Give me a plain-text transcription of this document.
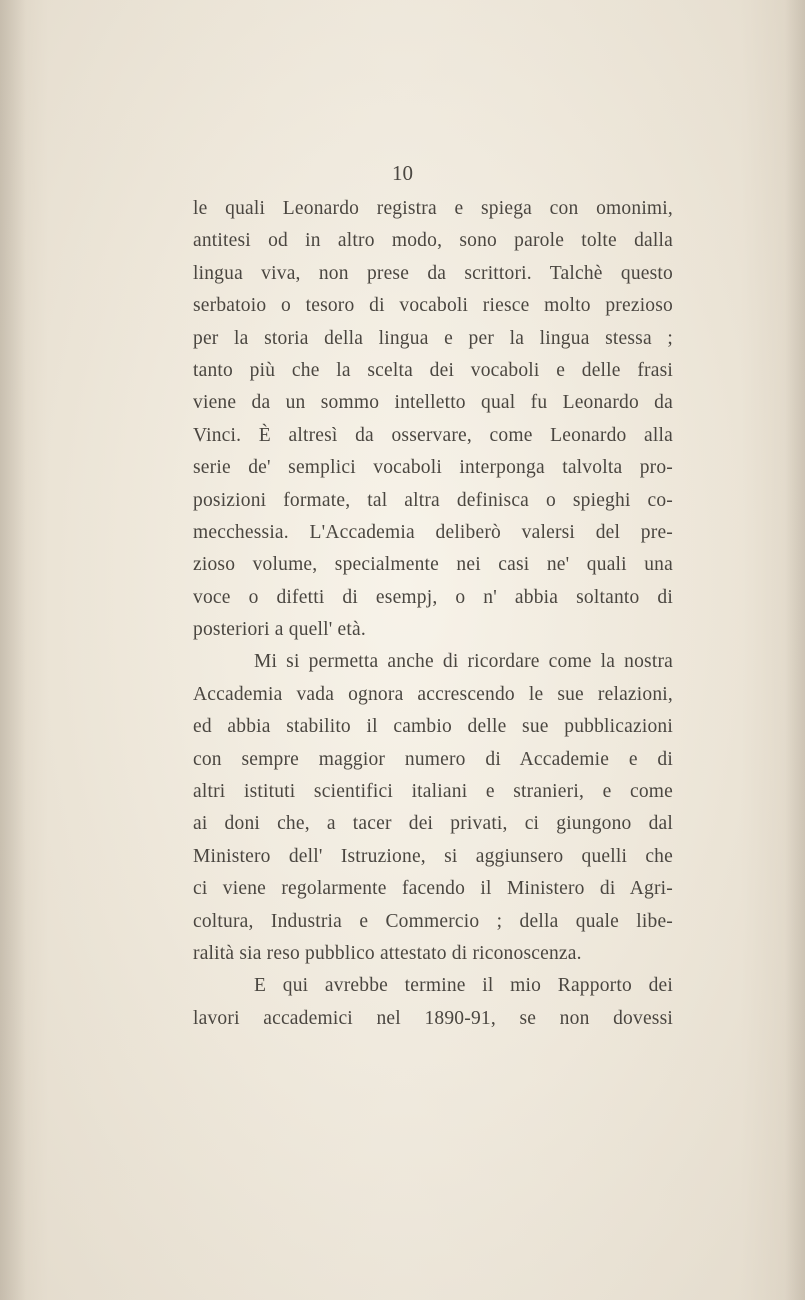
10
le quali Leonardo registra e spiega con omonimi,
antitesi od in altro modo, sono parole tolte dalla
lingua viva, non prese da scrittori. Talchè questo
serbatoio o tesoro di vocaboli riesce molto prezioso
per la storia della lingua e per la lingua stessa ;
tanto più che la scelta dei vocaboli e delle frasi
viene da un sommo intelletto qual fu Leonardo da
Vinci. È altresì da osservare, come Leonardo alla
serie de' semplici vocaboli interponga talvolta pro-
posizioni formate, tal altra definisca o spieghi co-
mecchessia. L'Accademia deliberò valersi del pre-
zioso volume, specialmente nei casi ne' quali una
voce o difetti di esempj, o n' abbia soltanto di
posteriori a quell' età.
Mi si permetta anche di ricordare come la nostra
Accademia vada ognora accrescendo le sue relazioni,
ed abbia stabilito il cambio delle sue pubblicazioni
con sempre maggior numero di Accademie e di
altri istituti scientifici italiani e stranieri, e come
ai doni che, a tacer dei privati, ci giungono dal
Ministero dell' Istruzione, si aggiunsero quelli che
ci viene regolarmente facendo il Ministero di Agri-
coltura, Industria e Commercio ; della quale libe-
ralità sia reso pubblico attestato di riconoscenza.
E qui avrebbe termine il mio Rapporto dei
lavori accademici nel 1890-91, se non dovessi
